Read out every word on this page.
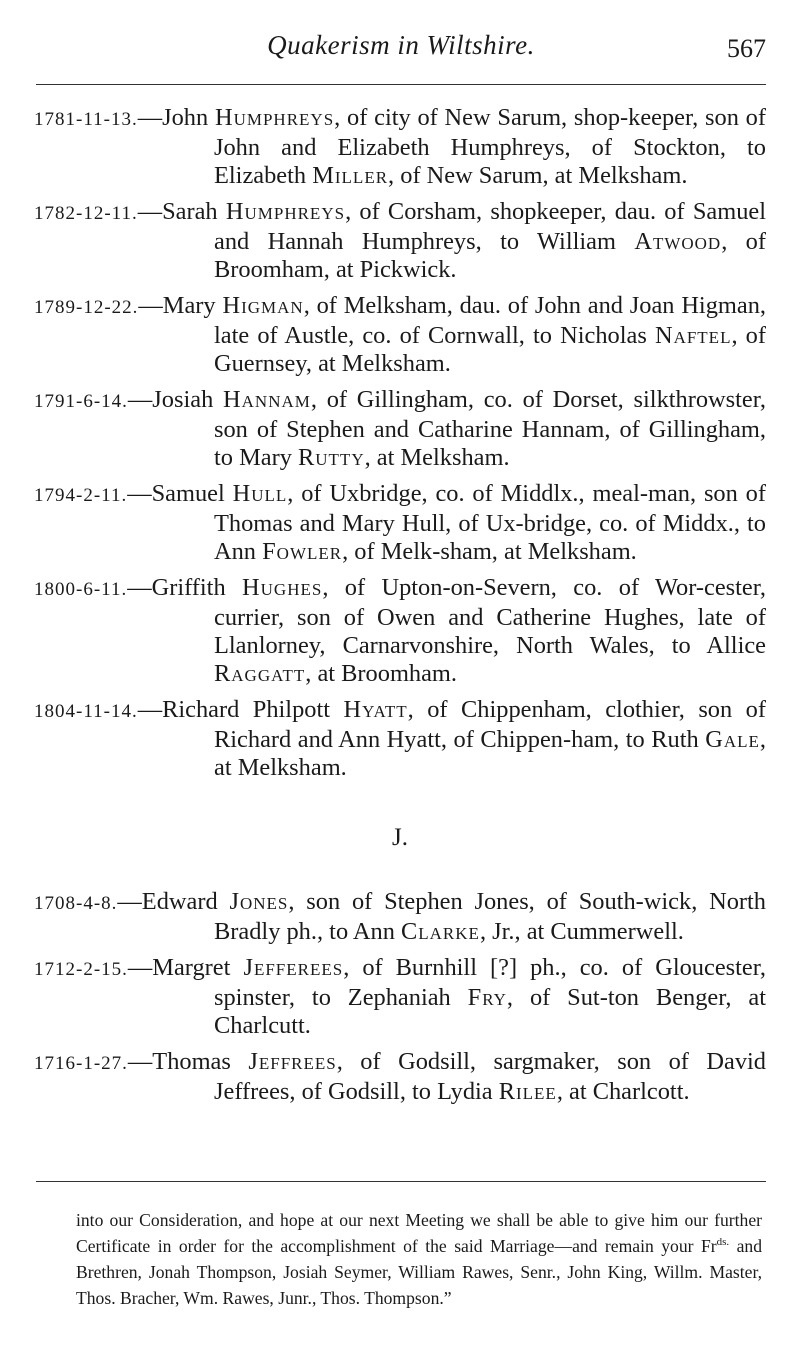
Quakerism in Wiltshire.	567
1781-11-13.—John Humphreys, of city of New Sarum, shop-keeper, son of John and Elizabeth Humphreys, of Stockton, to Elizabeth Miller, of New Sarum, at Melksham.
1782-12-11.—Sarah Humphreys, of Corsham, shopkeeper, dau. of Samuel and Hannah Humphreys, to William Atwood, of Broomham, at Pickwick.
1789-12-22.—Mary Higman, of Melksham, dau. of John and Joan Higman, late of Austle, co. of Cornwall, to Nicholas Naftel, of Guernsey, at Melksham.
1791-6-14.—Josiah Hannam, of Gillingham, co. of Dorset, silkthrowster, son of Stephen and Catharine Hannam, of Gillingham, to Mary Rutty, at Melksham.
1794-2-11.—Samuel Hull, of Uxbridge, co. of Middlx., meal-man, son of Thomas and Mary Hull, of Ux-bridge, co. of Middx., to Ann Fowler, of Melk-sham, at Melksham.
1800-6-11.—Griffith Hughes, of Upton-on-Severn, co. of Wor-cester, currier, son of Owen and Catherine Hughes, late of Llanlorney, Carnarvonshire, North Wales, to Allice Raggatt, at Broomham.
1804-11-14.—Richard Philpott Hyatt, of Chippenham, clothier, son of Richard and Ann Hyatt, of Chippen-ham, to Ruth Gale, at Melksham.
J.
1708-4-8.—Edward Jones, son of Stephen Jones, of South-wick, North Bradly ph., to Ann Clarke, Jr., at Cummerwell.
1712-2-15.—Margret Jefferees, of Burnhill [?] ph., co. of Gloucester, spinster, to Zephaniah Fry, of Sut-ton Benger, at Charlcutt.
1716-1-27.—Thomas Jeffrees, of Godsill, sargmaker, son of David Jeffrees, of Godsill, to Lydia Rilee, at Charlcott.
into our Consideration, and hope at our next Meeting we shall be able to give him our further Certificate in order for the accomplishment of the said Marriage—and remain your $Fr^{ds.}$ and Brethren, Jonah Thompson, Josiah Seymer, William Rawes, Senr., John King, Willm. Master, Thos. Bracher, Wm. Rawes, Junr., Thos. Thompson.”
